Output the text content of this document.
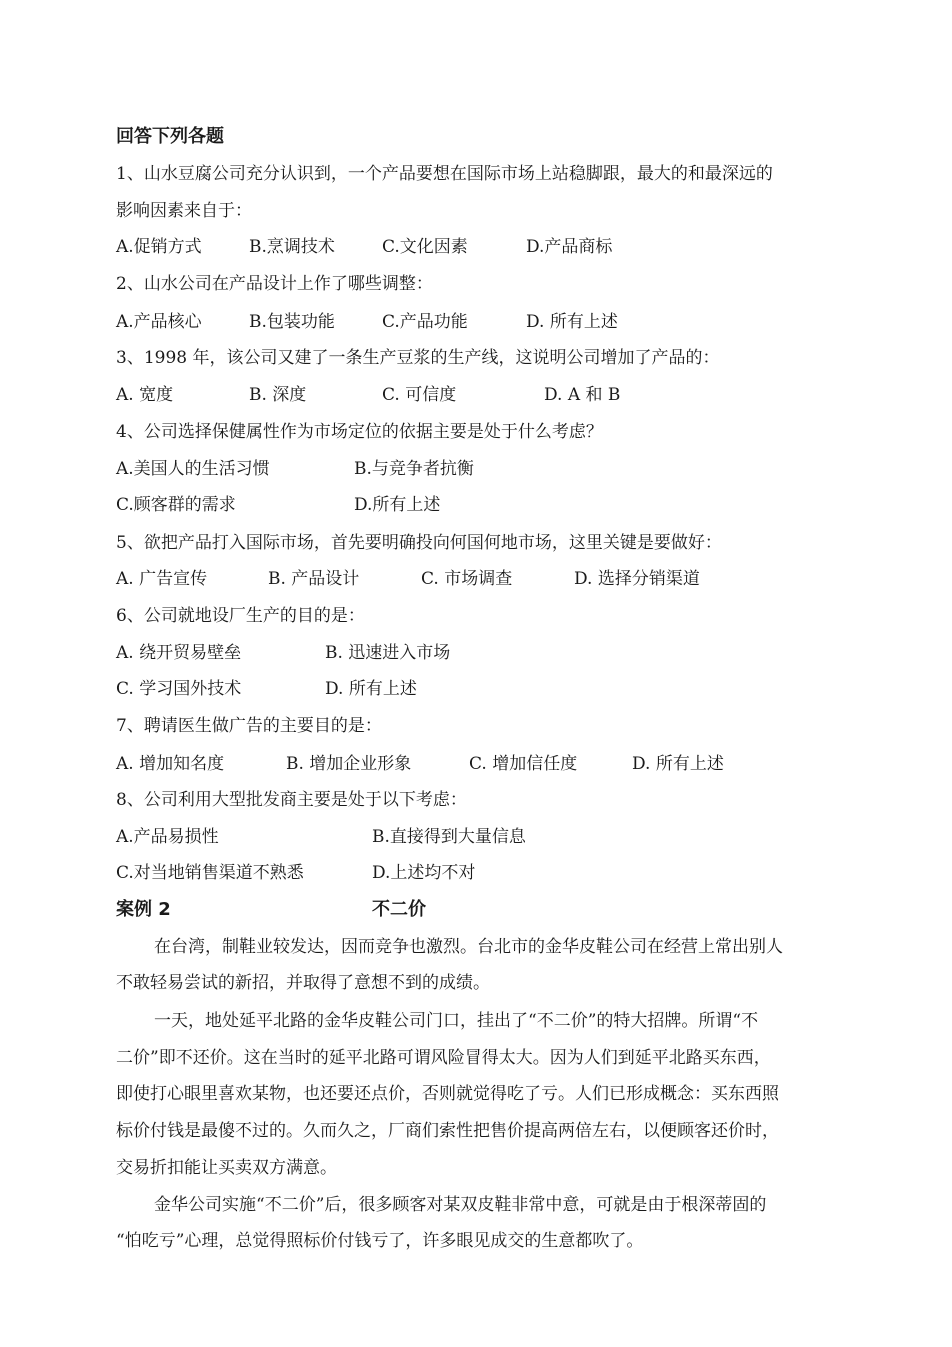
回答下列各题
1、山水豆腐公司充分认识到，一个产品要想在国际市场上站稳脚跟，最大的和最深远的
影响因素来自于：
A.促销方式	B.烹调技术	C.文化因素	D.产品商标
2、山水公司在产品设计上作了哪些调整：
A.产品核心	B.包装功能	C.产品功能	D. 所有上述
3、1998 年，该公司又建了一条生产豆浆的生产线，这说明公司增加了产品的：
A. 宽度	B. 深度	C. 可信度	D. A 和 B
4、公司选择保健属性作为市场定位的依据主要是处于什么考虑？
A.美国人的生活习惯	B.与竞争者抗衡
C.顾客群的需求	D.所有上述
5、欲把产品打入国际市场，首先要明确投向何国何地市场，这里关键是要做好：
A. 广告宣传	B. 产品设计	C. 市场调查	D. 选择分销渠道
6、公司就地设厂生产的目的是：
A. 绕开贸易壁垒	B. 迅速进入市场
C. 学习国外技术	D. 所有上述
7、聘请医生做广告的主要目的是：
A. 增加知名度	B. 增加企业形象	C. 增加信任度	D. 所有上述
8、公司利用大型批发商主要是处于以下考虑：
A.产品易损性	B.直接得到大量信息
C.对当地销售渠道不熟悉	D.上述均不对
案例 2	不二价
在台湾，制鞋业较发达，因而竞争也激烈。台北市的金华皮鞋公司在经营上常出别人
不敢轻易尝试的新招，并取得了意想不到的成绩。
一天，地处延平北路的金华皮鞋公司门口，挂出了“不二价”的特大招牌。所谓“不
二价”即不还价。这在当时的延平北路可谓风险冒得太大。因为人们到延平北路买东西，
即使打心眼里喜欢某物，也还要还点价，否则就觉得吃了亏。人们已形成概念：买东西照
标价付钱是最傻不过的。久而久之，厂商们索性把售价提高两倍左右，以便顾客还价时，
交易折扣能让买卖双方满意。
金华公司实施“不二价”后，很多顾客对某双皮鞋非常中意，可就是由于根深蒂固的
“怕吃亏”心理，总觉得照标价付钱亏了，许多眼见成交的生意都吹了。
